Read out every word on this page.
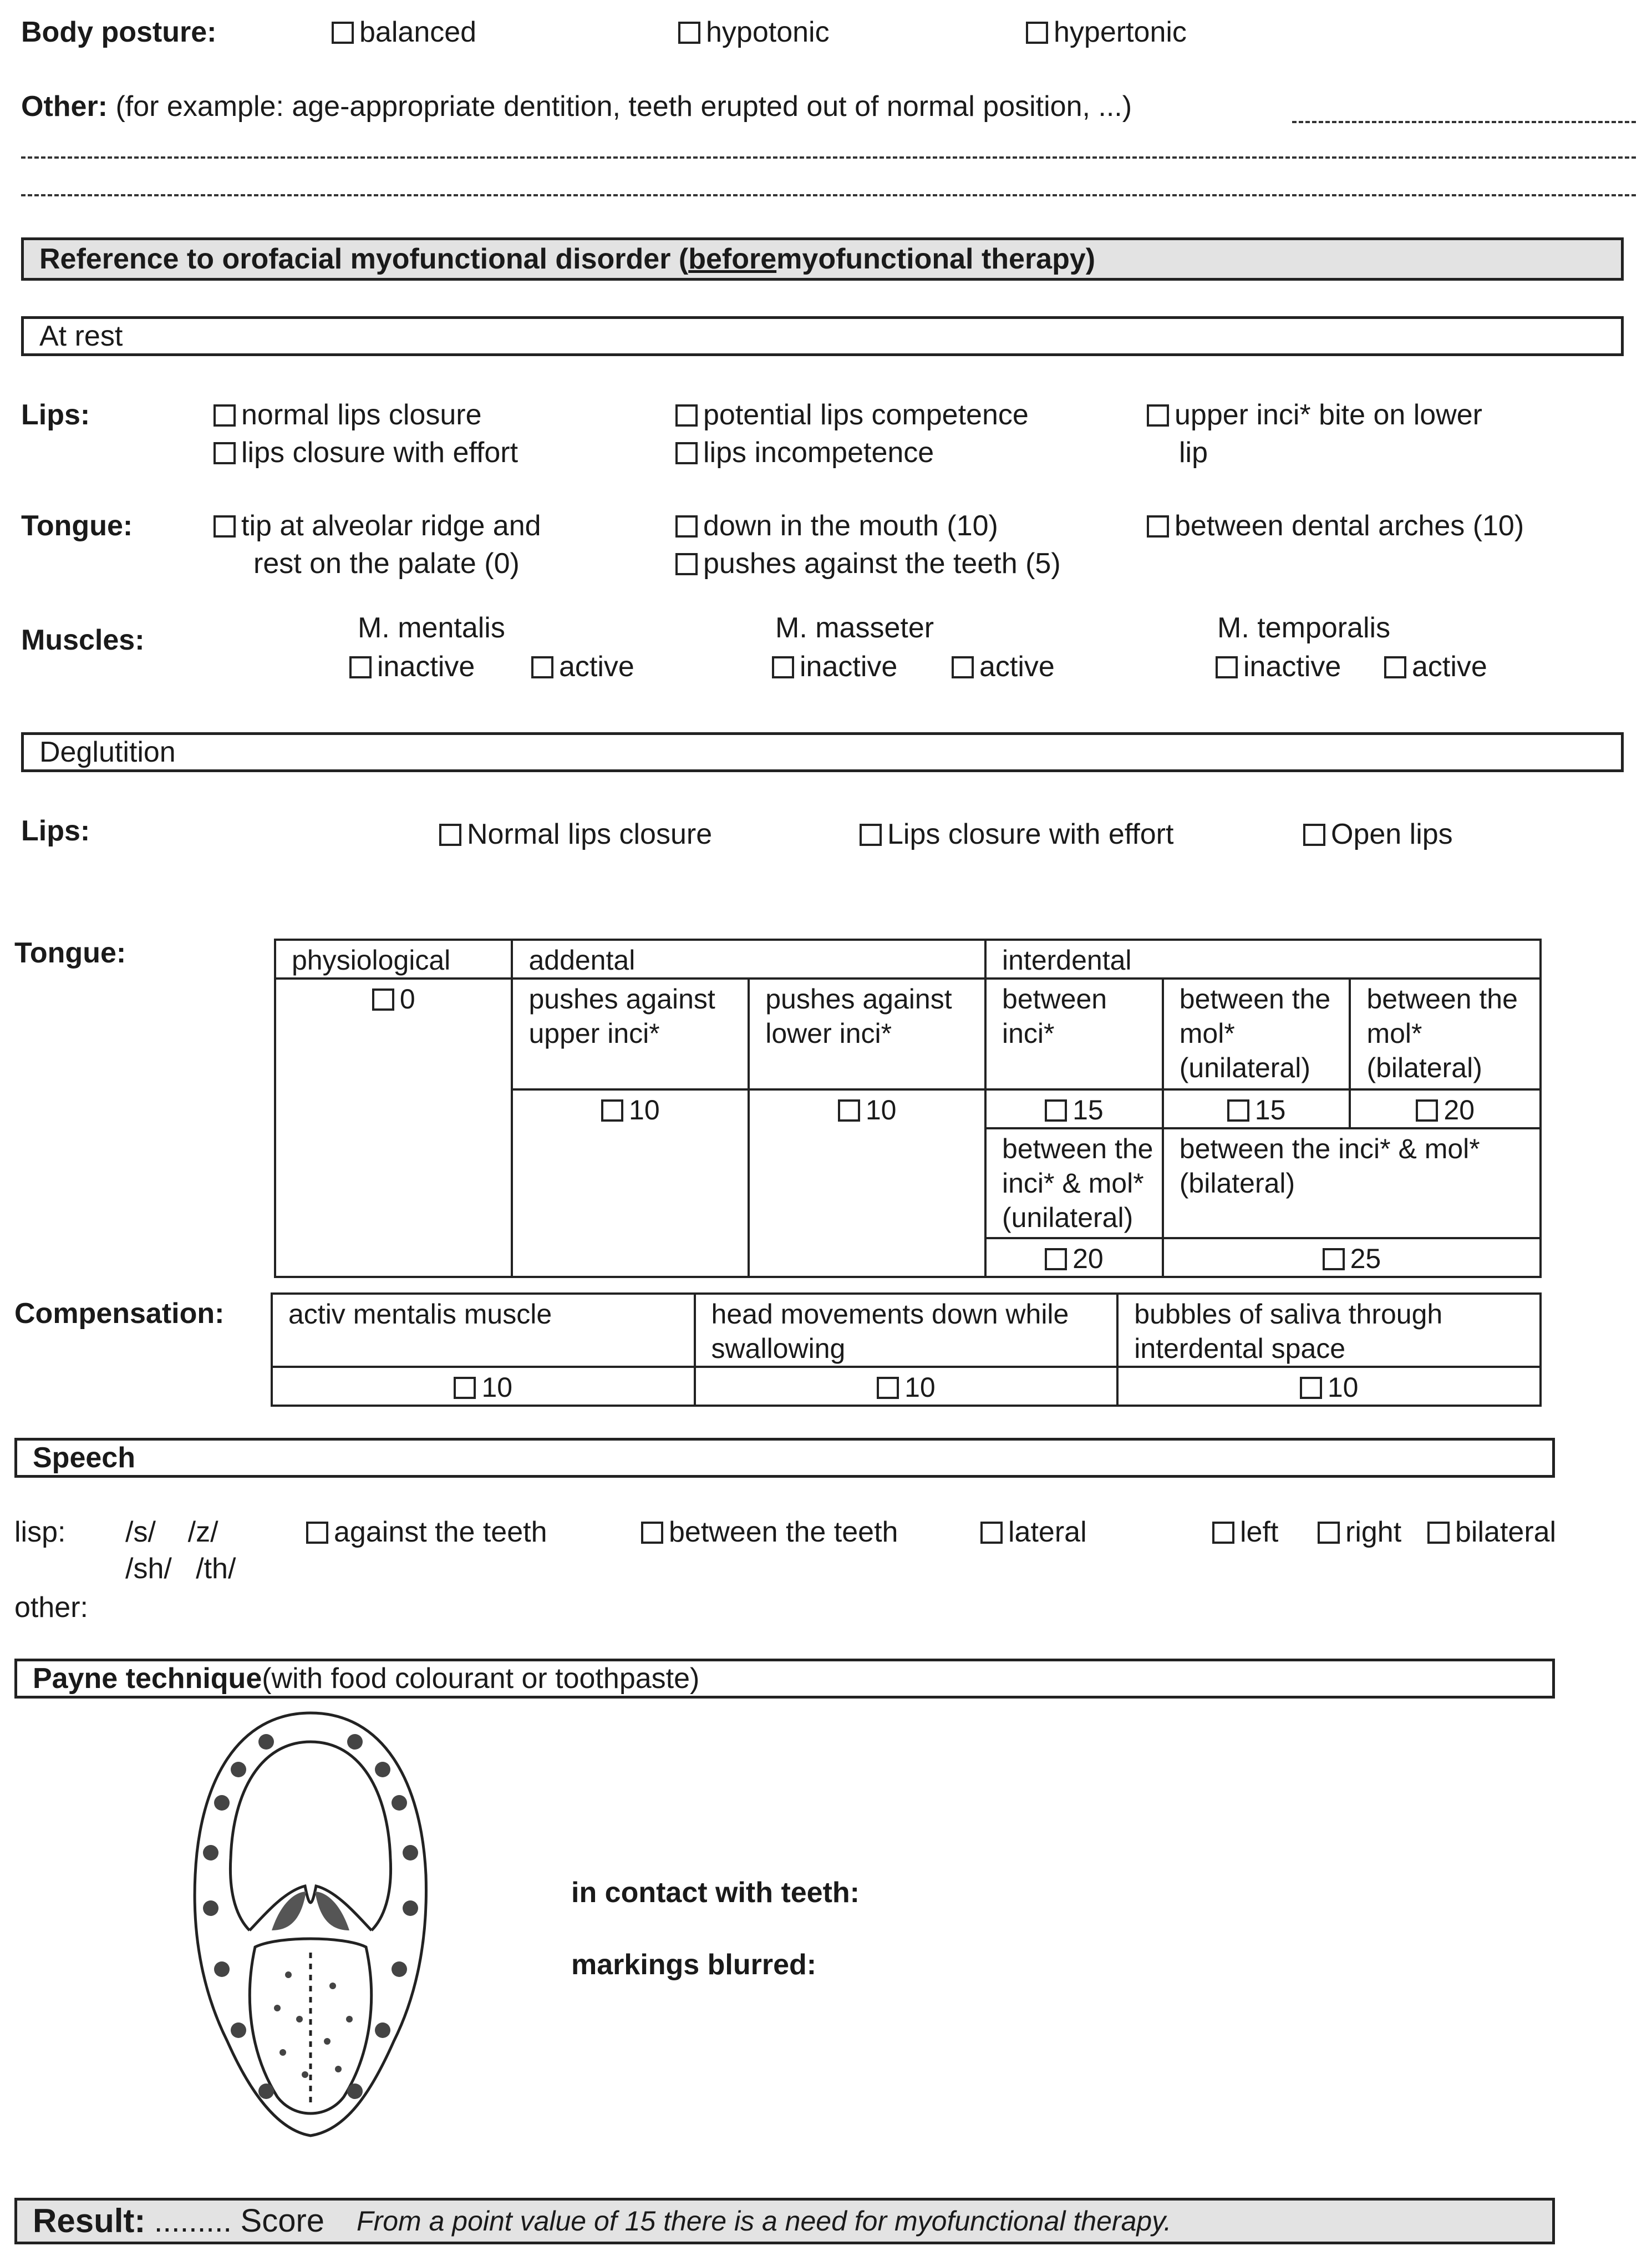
Body posture:	balanced	hypotonic	hypertonic
Other: (for example: age-appropriate dentition, teeth erupted out of normal position, ...)
Reference to orofacial myofunctional disorder ( before myofunctional therapy)
At rest
Lips:	normal lips closure
lips closure with effort
potential lips competence
lips incompetence
upper inci* bite on lower
lip
Tongue:	tip at alveolar ridge and
rest on the palate (0)
down in the mouth (10)
pushes against the teeth (5)
between dental arches (10)
Muscles:	M. mentalis
inactive	active
M. masseter
inactive	active
M. temporalis
inactive	active
Deglutition
Lips:	Normal lips closure	Lips closure with effort	Open lips
Tongue:	physiological	addental		interdental		
0	pushes against upper inci*	pushes against lower inci*	between inci*	between the mol* (unilateral)	between the mol* (bilateral)
	10	10	15	15	20
			between the inci* & mol* (unilateral)	between the inci* & mol* (bilateral)	
			20	25	
Compensation: activ mentalis muscle	head movements down while swallowing	bubbles of saliva through interdental space
10	10	10
Speech
lisp: /s/    /z/
/sh/   /th/
against the teeth	between the teeth	lateral	left	right	bilateral
other:
Payne technique (with food colourant or toothpaste)
in contact with teeth:
markings blurred:
Result: ......... Score From a point value of 15 there is a need for myofunctional therapy.
